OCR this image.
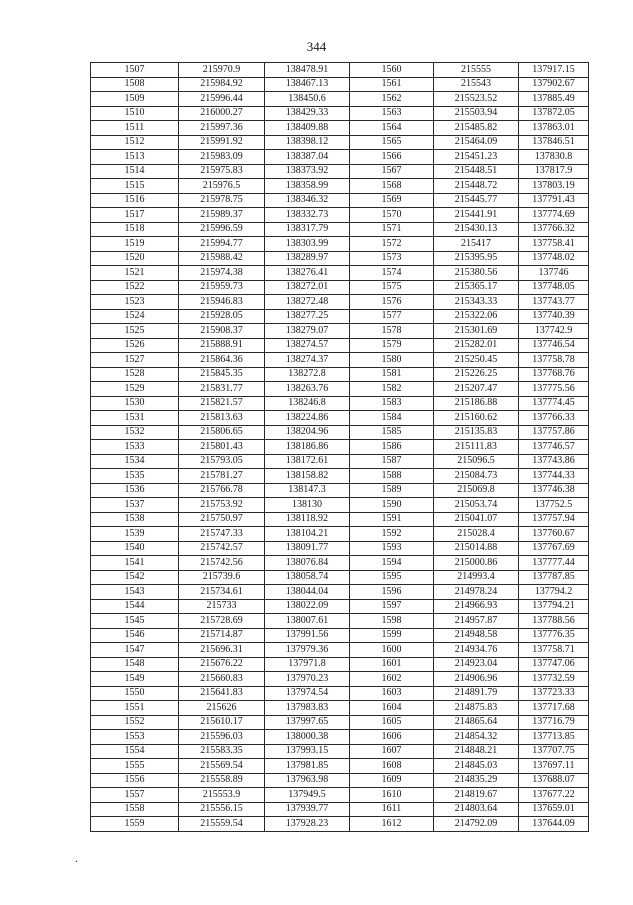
344
1507	215970.9	138478.91	1560	215555	137917.15
1508	215984.92	138467.13	1561	215543	137902.67
1509	215996.44	138450.6	1562	215523.52	137885.49
1510	216000.27	138429.33	1563	215503.94	137872.05
1511	215997.36	138409.88	1564	215485.82	137863.01
1512	215991.92	138398.12	1565	215464.09	137846.51
1513	215983.09	138387.04	1566	215451.23	137830.8
1514	215975.83	138373.92	1567	215448.51	137817.9
1515	215976.5	138358.99	1568	215448.72	137803.19
1516	215978.75	138346.32	1569	215445.77	137791.43
1517	215989.37	138332.73	1570	215441.91	137774.69
1518	215996.59	138317.79	1571	215430.13	137766.32
1519	215994.77	138303.99	1572	215417	137758.41
1520	215988.42	138289.97	1573	215395.95	137748.02
1521	215974.38	138276.41	1574	215380.56	137746
1522	215959.73	138272.01	1575	215365.17	137748.05
1523	215946.83	138272.48	1576	215343.33	137743.77
1524	215928.05	138277.25	1577	215322.06	137740.39
1525	215908.37	138279.07	1578	215301.69	137742.9
1526	215888.91	138274.57	1579	215282.01	137746.54
1527	215864.36	138274.37	1580	215250.45	137758.78
1528	215845.35	138272.8	1581	215226.25	137768.76
1529	215831.77	138263.76	1582	215207.47	137775.56
1530	215821.57	138246.8	1583	215186.88	137774.45
1531	215813.63	138224.86	1584	215160.62	137766.33
1532	215806.65	138204.96	1585	215135.83	137757.86
1533	215801.43	138186.86	1586	215111.83	137746.57
1534	215793.05	138172.61	1587	215096.5	137743.86
1535	215781.27	138158.82	1588	215084.73	137744.33
1536	215766.78	138147.3	1589	215069.8	137746.38
1537	215753.92	138130	1590	215053.74	137752.5
1538	215750.97	138118.92	1591	215041.07	137757.94
1539	215747.33	138104.21	1592	215028.4	137760.67
1540	215742.57	138091.77	1593	215014.88	137767.69
1541	215742.56	138076.84	1594	215000.86	137777.44
1542	215739.6	138058.74	1595	214993.4	137787.85
1543	215734.61	138044.04	1596	214978.24	137794.2
1544	215733	138022.09	1597	214966.93	137794.21
1545	215728.69	138007.61	1598	214957.87	137788.56
1546	215714.87	137991.56	1599	214948.58	137776.35
1547	215696.31	137979.36	1600	214934.76	137758.71
1548	215676.22	137971.8	1601	214923.04	137747.06
1549	215660.83	137970.23	1602	214906.96	137732.59
1550	215641.83	137974.54	1603	214891.79	137723.33
1551	215626	137983.83	1604	214875.83	137717.68
1552	215610.17	137997.65	1605	214865.64	137716.79
1553	215596.03	138000.38	1606	214854.32	137713.85
1554	215583.35	137993.15	1607	214848.21	137707.75
1555	215569.54	137981.85	1608	214845.03	137697.11
1556	215558.89	137963.98	1609	214835.29	137688.07
1557	215553.9	137949.5	1610	214819.67	137677.22
1558	215556.15	137939.77	1611	214803.64	137659.01
1559	215559.54	137928.23	1612	214792.09	137644.09
.
